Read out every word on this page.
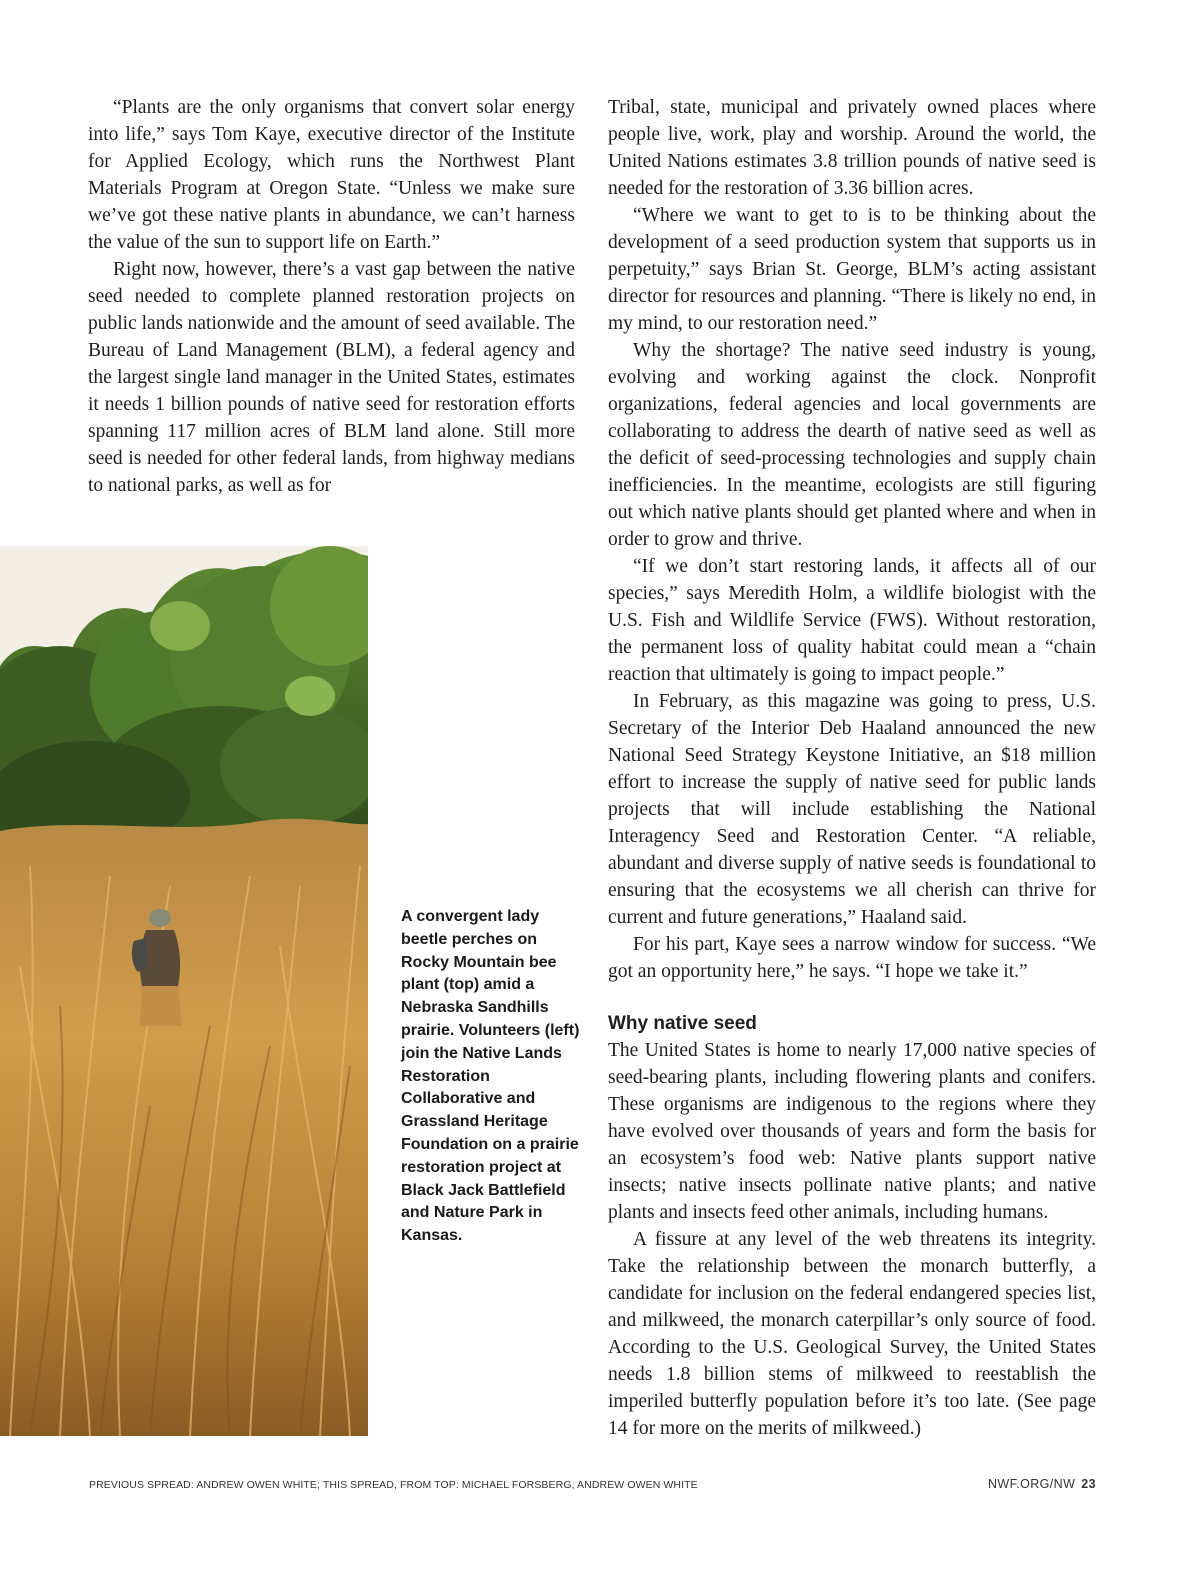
“Plants are the only organisms that convert solar energy into life,” says Tom Kaye, executive director of the Institute for Applied Ecology, which runs the Northwest Plant Materials Program at Oregon State. “Unless we make sure we’ve got these native plants in abundance, we can’t harness the value of the sun to support life on Earth.”

Right now, however, there’s a vast gap between the native seed needed to complete planned restoration projects on public lands nationwide and the amount of seed available. The Bureau of Land Management (BLM), a federal agency and the largest single land manager in the United States, estimates it needs 1 billion pounds of native seed for restoration efforts spanning 117 million acres of BLM land alone. Still more seed is needed for other federal lands, from highway medians to national parks, as well as for

A convergent lady beetle perches on Rocky Mountain bee plant (top) amid a Nebraska Sandhills prairie. Volunteers (left) join the Native Lands Restoration Collaborative and Grassland Heritage Foundation on a prairie restoration project at Black Jack Battlefield and Nature Park in Kansas.

Tribal, state, municipal and privately owned places where people live, work, play and worship. Around the world, the United Nations estimates 3.8 trillion pounds of native seed is needed for the restoration of 3.36 billion acres.

“Where we want to get to is to be thinking about the development of a seed production system that supports us in perpetuity,” says Brian St. George, BLM’s acting assistant director for resources and planning. “There is likely no end, in my mind, to our restoration need.”

Why the shortage? The native seed industry is young, evolving and working against the clock. Nonprofit organizations, federal agencies and local governments are collaborating to address the dearth of native seed as well as the deficit of seed-processing technologies and supply chain inefficiencies. In the meantime, ecologists are still figuring out which native plants should get planted where and when in order to grow and thrive.

“If we don’t start restoring lands, it affects all of our species,” says Meredith Holm, a wildlife biologist with the U.S. Fish and Wildlife Service (FWS). Without restoration, the permanent loss of quality habitat could mean a “chain reaction that ultimately is going to impact people.”

In February, as this magazine was going to press, U.S. Secretary of the Interior Deb Haaland announced the new National Seed Strategy Keystone Initiative, an $18 million effort to increase the supply of native seed for public lands projects that will include establishing the National Interagency Seed and Restoration Center. “A reliable, abundant and diverse supply of native seeds is foundational to ensuring that the ecosystems we all cherish can thrive for current and future generations,” Haaland said.

For his part, Kaye sees a narrow window for success. “We got an opportunity here,” he says. “I hope we take it.”

Why native seed

The United States is home to nearly 17,000 native species of seed-bearing plants, including flowering plants and conifers. These organisms are indigenous to the regions where they have evolved over thousands of years and form the basis for an ecosystem’s food web: Native plants support native insects; native insects pollinate native plants; and native plants and insects feed other animals, including humans.

A fissure at any level of the web threatens its integrity. Take the relationship between the monarch butterfly, a candidate for inclusion on the federal endangered species list, and milkweed, the monarch caterpillar’s only source of food. According to the U.S. Geological Survey, the United States needs 1.8 billion stems of milkweed to reestablish the imperiled butterfly population before it’s too late. (See page 14 for more on the merits of milkweed.)

PREVIOUS SPREAD: ANDREW OWEN WHITE; THIS SPREAD, FROM TOP: MICHAEL FORSBERG, ANDREW OWEN WHITE	NWF.ORG/NW 23
